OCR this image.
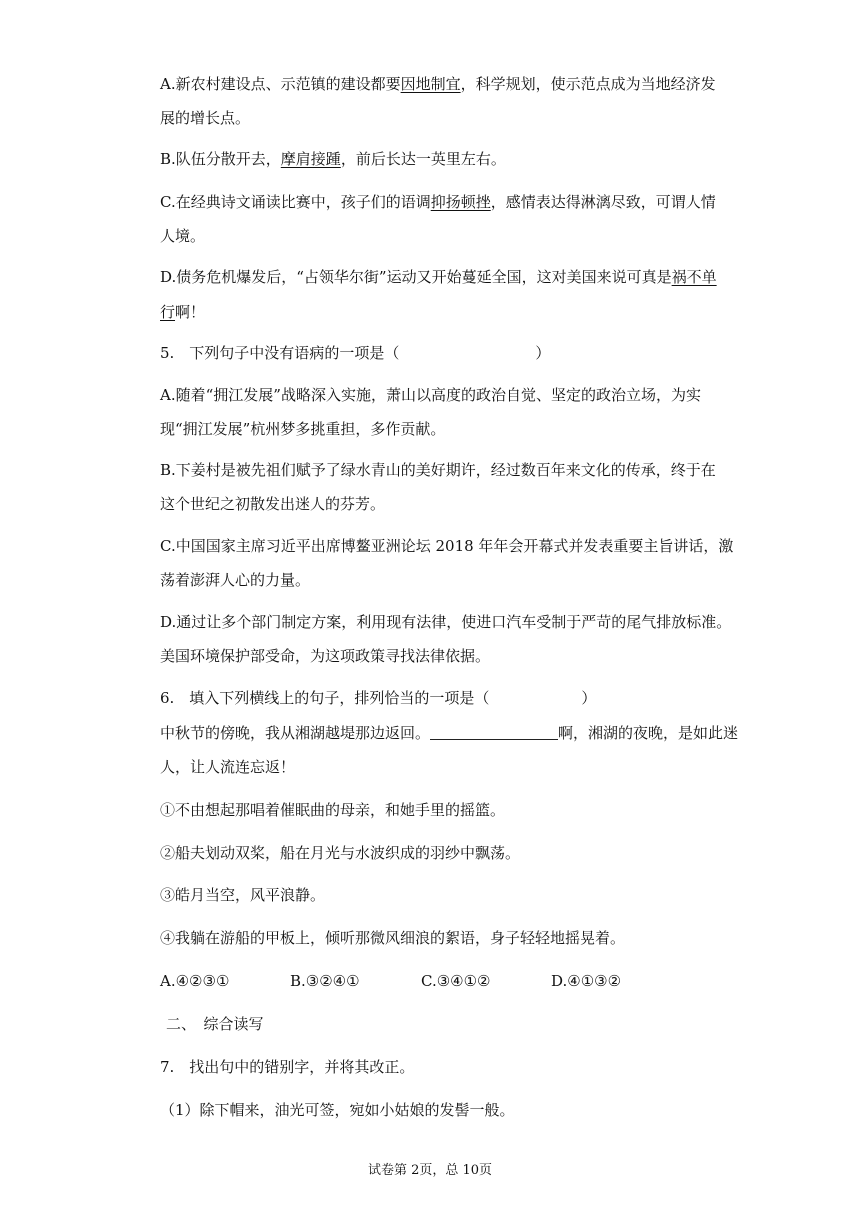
A.新农村建设点、示范镇的建设都要因地制宜，科学规划，使示范点成为当地经济发
展的增长点。
B.队伍分散开去，摩肩接踵，前后长达一英里左右。
C.在经典诗文诵读比赛中，孩子们的语调抑扬顿挫，感情表达得淋漓尽致，可谓人情
人境。
D.债务危机爆发后，“占领华尔街”运动又开始蔓延全国，这对美国来说可真是祸不单
行啊！
5.　下列句子中没有语病的一项是（	）
A.随着“拥江发展”战略深入实施，萧山以高度的政治自觉、坚定的政治立场，为实
现“拥江发展”杭州梦多挑重担，多作贡献。
B.下姜村是被先祖们赋予了绿水青山的美好期许，经过数百年来文化的传承，终于在
这个世纪之初散发出迷人的芬芳。
C.中国国家主席习近平出席博鳌亚洲论坛 2018 年年会开幕式并发表重要主旨讲话，激
荡着澎湃人心的力量。
D.通过让多个部门制定方案，利用现有法律，使进口汽车受制于严苛的尾气排放标准。
美国环境保护部受命，为这项政策寻找法律依据。
6.　填入下列横线上的句子，排列恰当的一项是（	）
中秋节的傍晚，我从湘湖越堤那边返回。	啊，湘湖的夜晚，是如此迷
人，让人流连忘返！
①不由想起那唱着催眠曲的母亲，和她手里的摇篮。
②船夫划动双桨，船在月光与水波织成的羽纱中飘荡。
③皓月当空，风平浪静。
④我躺在游船的甲板上，倾听那微风细浪的絮语，身子轻轻地摇晃着。
A.④②③①	B.③②④①	C.③④①②	D.④①③②
二、　综合读写
7.　找出句中的错别字，并将其改正。
（1）除下帽来，油光可签，宛如小姑娘的发髻一般。
试卷第 2页，总 10页
